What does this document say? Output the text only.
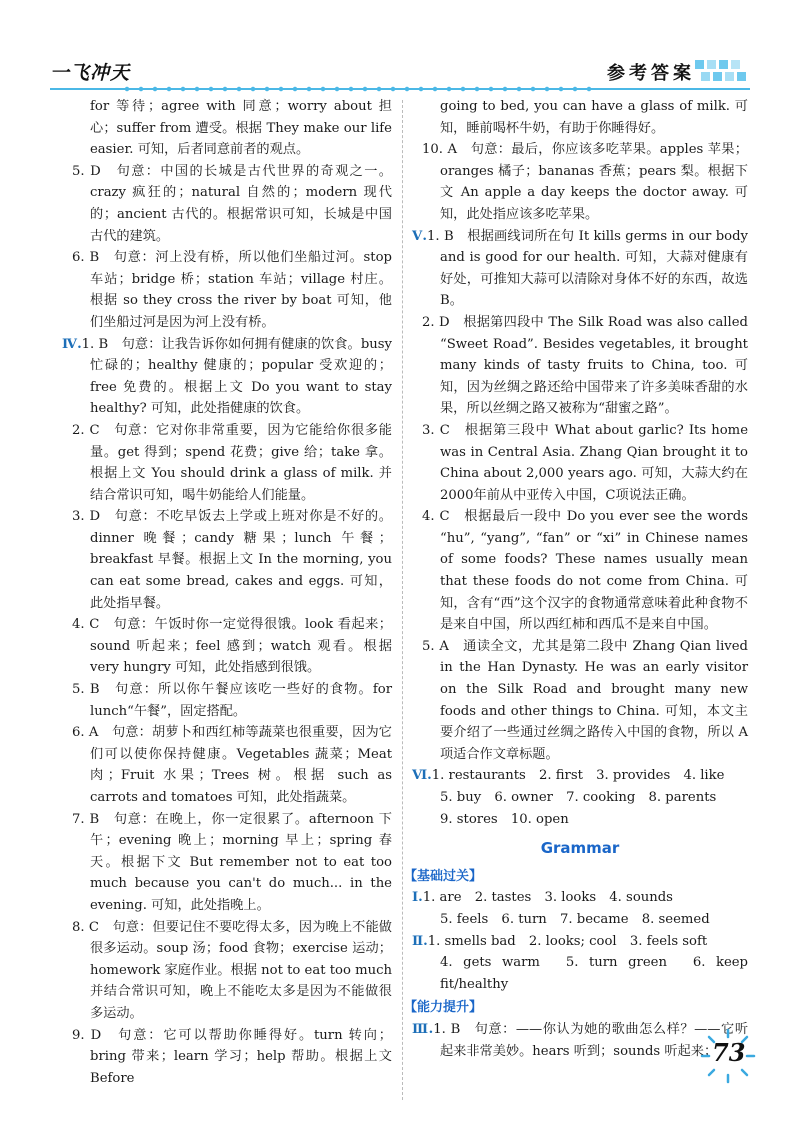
一飞冲天	参考答案

for 等待；agree with 同意；worry about 担心；suffer from 遭受。根据 They make our life easier. 可知，后者同意前者的观点。

5. D　句意：中国的长城是古代世界的奇观之一。crazy 疯狂的；natural 自然的；modern 现代的；ancient 古代的。根据常识可知，长城是中国古代的建筑。

6. B　句意：河上没有桥，所以他们坐船过河。stop 车站；bridge 桥；station 车站；village 村庄。根据 so they cross the river by boat 可知，他们坐船过河是因为河上没有桥。

Ⅳ.1. B　句意：让我告诉你如何拥有健康的饮食。busy 忙碌的；healthy 健康的；popular 受欢迎的；free 免费的。根据上文 Do you want to stay healthy? 可知，此处指健康的饮食。

2. C　句意：它对你非常重要，因为它能给你很多能量。get 得到；spend 花费；give 给；take 拿。根据上文 You should drink a glass of milk. 并结合常识可知，喝牛奶能给人们能量。

3. D　句意：不吃早饭去上学或上班对你是不好的。dinner 晚餐；candy 糖果；lunch 午餐；breakfast 早餐。根据上文 In the morning, you can eat some bread, cakes and eggs. 可知，此处指早餐。

4. C　句意：午饭时你一定觉得很饿。look 看起来；sound 听起来；feel 感到；watch 观看。根据 very hungry 可知，此处指感到很饿。

5. B　句意：所以你午餐应该吃一些好的食物。for lunch“午餐”，固定搭配。

6. A　句意：胡萝卜和西红柿等蔬菜也很重要，因为它们可以使你保持健康。Vegetables 蔬菜；Meat 肉；Fruit 水果；Trees 树。根据 such as carrots and tomatoes 可知，此处指蔬菜。

7. B　句意：在晚上，你一定很累了。afternoon 下午；evening 晚上；morning 早上；spring 春天。根据下文 But remember not to eat too much because you can't do much... in the evening. 可知，此处指晚上。

8. C　句意：但要记住不要吃得太多，因为晚上不能做很多运动。soup 汤；food 食物；exercise 运动；homework 家庭作业。根据 not to eat too much 并结合常识可知，晚上不能吃太多是因为不能做很多运动。

9. D　句意：它可以帮助你睡得好。turn 转向；bring 带来；learn 学习；help 帮助。根据上文 Before

going to bed, you can have a glass of milk. 可知，睡前喝杯牛奶，有助于你睡得好。

10. A　句意：最后，你应该多吃苹果。apples 苹果；oranges 橘子；bananas 香蕉；pears 梨。根据下文 An apple a day keeps the doctor away. 可知，此处指应该多吃苹果。

Ⅴ.1. B　根据画线词所在句 It kills germs in our body and is good for our health. 可知，大蒜对健康有好处，可推知大蒜可以清除对身体不好的东西，故选 B。

2. D　根据第四段中 The Silk Road was also called “Sweet Road”. Besides vegetables, it brought many kinds of tasty fruits to China, too. 可知，因为丝绸之路还给中国带来了许多美味香甜的水果，所以丝绸之路又被称为“甜蜜之路”。

3. C　根据第三段中 What about garlic? Its home was in Central Asia. Zhang Qian brought it to China about 2,000 years ago. 可知，大蒜大约在2000年前从中亚传入中国，C项说法正确。

4. C　根据最后一段中 Do you ever see the words “hu”, “yang”, “fan” or “xi” in Chinese names of some foods? These names usually mean that these foods do not come from China. 可知，含有“西”这个汉字的食物通常意味着此种食物不是来自中国，所以西红柿和西瓜不是来自中国。

5. A　通读全文，尤其是第二段中 Zhang Qian lived in the Han Dynasty. He was an early visitor on the Silk Road and brought many new foods and other things to China. 可知，本文主要介绍了一些通过丝绸之路传入中国的食物，所以 A 项适合作文章标题。

Ⅵ.1. restaurants　2. first　3. provides　4. like

5. buy　6. owner　7. cooking　8. parents

9. stores　10. open

Grammar
【基础过关】

Ⅰ.1. are　2. tastes　3. looks　4. sounds

5. feels　6. turn　7. became　8. seemed

Ⅱ.1. smells bad　2. looks; cool　3. feels soft

4. gets warm　5. turn green　6. keep fit/healthy

【能力提升】

Ⅲ.1. B　句意：——你认为她的歌曲怎么样？——它听起来非常美妙。hears 听到；sounds 听起来；

73
